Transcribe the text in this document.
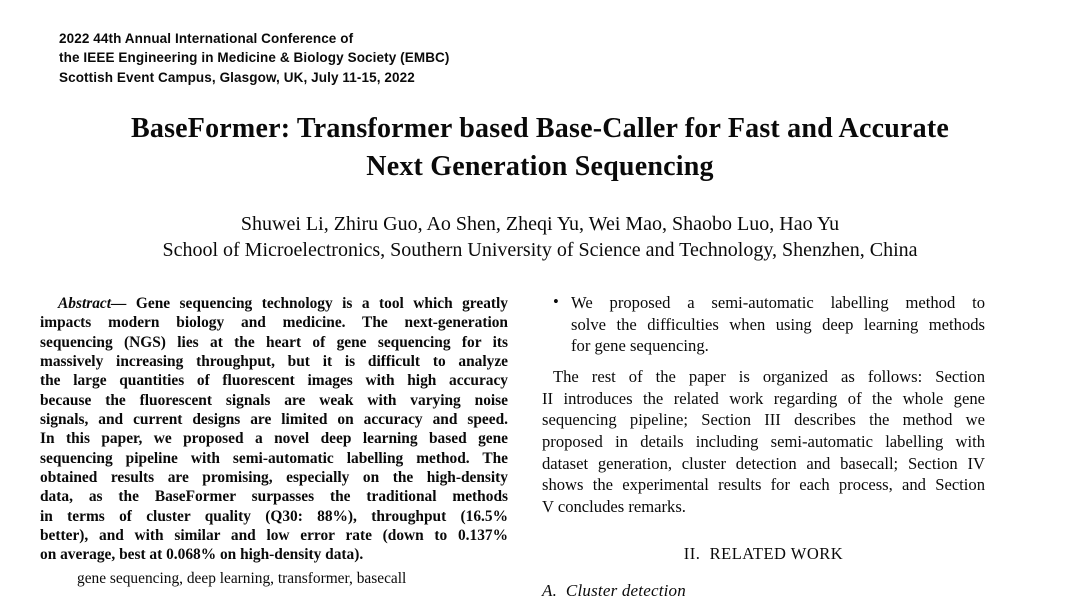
2022 44th Annual International Conference of
the IEEE Engineering in Medicine & Biology Society (EMBC)
Scottish Event Campus, Glasgow, UK, July 11-15, 2022
BaseFormer: Transformer based Base-Caller for Fast and Accurate
Next Generation Sequencing
Shuwei Li, Zhiru Guo, Ao Shen, Zheqi Yu, Wei Mao, Shaobo Luo, Hao Yu
School of Microelectronics, Southern University of Science and Technology, Shenzhen, China
Abstract— Gene sequencing technology is a tool which greatly
impacts modern biology and medicine. The next-generation
sequencing (NGS) lies at the heart of gene sequencing for its
massively increasing throughput, but it is difficult to analyze
the large quantities of fluorescent images with high accuracy
because the fluorescent signals are weak with varying noise
signals, and current designs are limited on accuracy and speed.
In this paper, we proposed a novel deep learning based gene
sequencing pipeline with semi-automatic labelling method. The
obtained results are promising, especially on the high-density
data, as the BaseFormer surpasses the traditional methods
in terms of cluster quality (Q30: 88%), throughput (16.5%
better), and with similar and low error rate (down to 0.137%
on average, best at 0.068% on high-density data).
gene sequencing, deep learning, transformer, basecall
• We proposed a semi-automatic labelling method to
solve the difficulties when using deep learning methods
for gene sequencing.
The rest of the paper is organized as follows: Section
II introduces the related work regarding of the whole gene
sequencing pipeline; Section III describes the method we
proposed in details including semi-automatic labelling with
dataset generation, cluster detection and basecall; Section IV
shows the experimental results for each process, and Section
V concludes remarks.
II.  RELATED WORK
A.  Cluster detection
